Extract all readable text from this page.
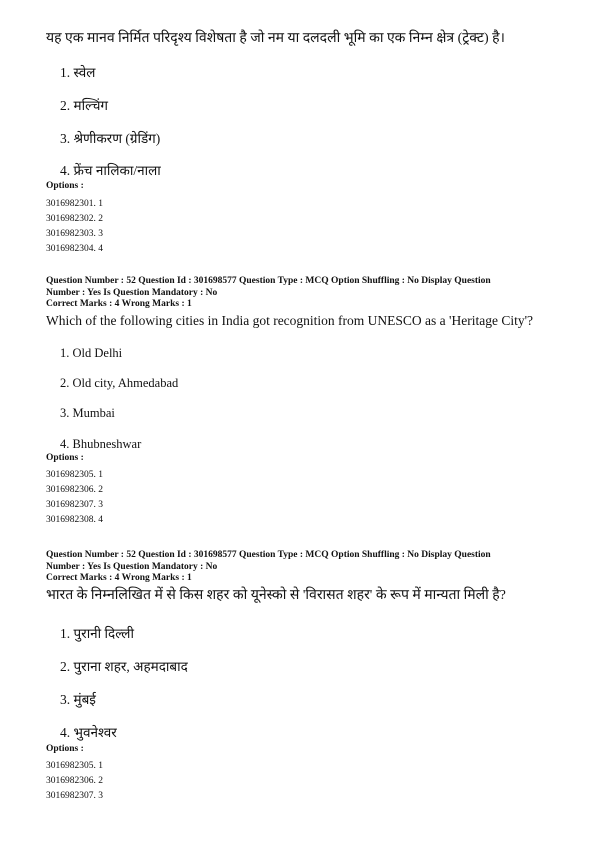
यह एक मानव निर्मित परिदृश्य विशेषता है जो नम या दलदली भूमि का एक निम्न क्षेत्र (ट्रेक्ट) है।

1. स्वेल
2. मल्चिंग
3. श्रेणीकरण (ग्रेडिंग)
4. फ्रेंच नालिका/नाला
Options :
3016982301. 1
3016982302. 2
3016982303. 3
3016982304. 4
Question Number : 52 Question Id : 301698577 Question Type : MCQ Option Shuffling : No Display Question
Number : Yes Is Question Mandatory : No
Correct Marks : 4 Wrong Marks : 1
Which of the following cities in India got recognition from UNESCO as a 'Heritage City'?
1. Old Delhi
2. Old city, Ahmedabad
3. Mumbai
4. Bhubneshwar
Options :
3016982305. 1
3016982306. 2
3016982307. 3
3016982308. 4
Question Number : 52 Question Id : 301698577 Question Type : MCQ Option Shuffling : No Display Question
Number : Yes Is Question Mandatory : No
Correct Marks : 4 Wrong Marks : 1
भारत के निम्नलिखित में से किस शहर को यूनेस्को से 'विरासत शहर' के रूप में मान्यता मिली है?
1. पुरानी दिल्ली
2. पुराना शहर, अहमदाबाद
3. मुंबई
4. भुवनेश्वर
Options :
3016982305. 1
3016982306. 2
3016982307. 3
